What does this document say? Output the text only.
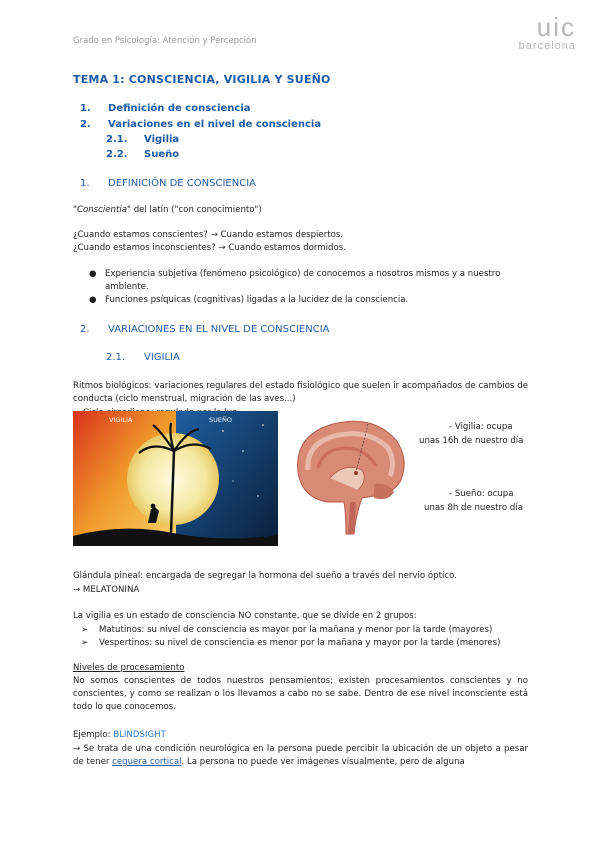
Grado en Psicología: Atención y Percepción	uic
barcelona
TEMA 1: CONSCIENCIA, VIGILIA Y SUEÑO
1. Definición de consciencia
2. Variaciones en el nivel de consciencia
2.1. Vigilia
2.2. Sueño
1. DEFINICIÓN DE CONSCIENCIA
"Conscientia" del latín ("con conocimiento")
¿Cuando estamos conscientes? → Cuando estamos despiertos.
¿Cuando estamos inconscientes? → Cuando estamos dormidos.
● Experiencia subjetiva (fenómeno psicológico) de conocemos a nosotros mismos y a nuestro ambiente.
● Funciones psíquicas (cognitivas) ligadas a la lucidez de la consciencia.
2. VARIACIONES EN EL NIVEL DE CONSCIENCIA
2.1. VIGILIA
Ritmos biológicos: variaciones regulares del estado fisiológico que suelen ir acompañados de cambios de conducta (ciclo menstrual, migración de las aves...)
VIGILIA	SUEÑO
- Vigilia: ocupa
unas 16h de nuestro día
- Sueño: ocupa
unas 8h de nuestro día
Glándula pineal: encargada de segregar la hormona del sueño a través del nervio óptico.
→ MELATONINA
La vigilia es un estado de consciencia NO constante, que se divide en 2 grupos:
➢ Matutinos: su nivel de consciencia es mayor por la mañana y menor por la tarde (mayores)
➢ Vespertinos: su nivel de consciencia es menor por la mañana y mayor por la tarde (menores)
Niveles de procesamiento
No somos conscientes de todos nuestros pensamientos; existen procesamientos conscientes y no conscientes, y como se realizan o los llevamos a cabo no se sabe. Dentro de ese nivel inconsciente está todo lo que conocemos.
Ejemplo: BLINDSIGHT
→ Se trata de una condición neurológica en la persona puede percibir la ubicación de un objeto a pesar de tener ceguera cortical. La persona no puede ver imágenes visualmente, pero de alguna
